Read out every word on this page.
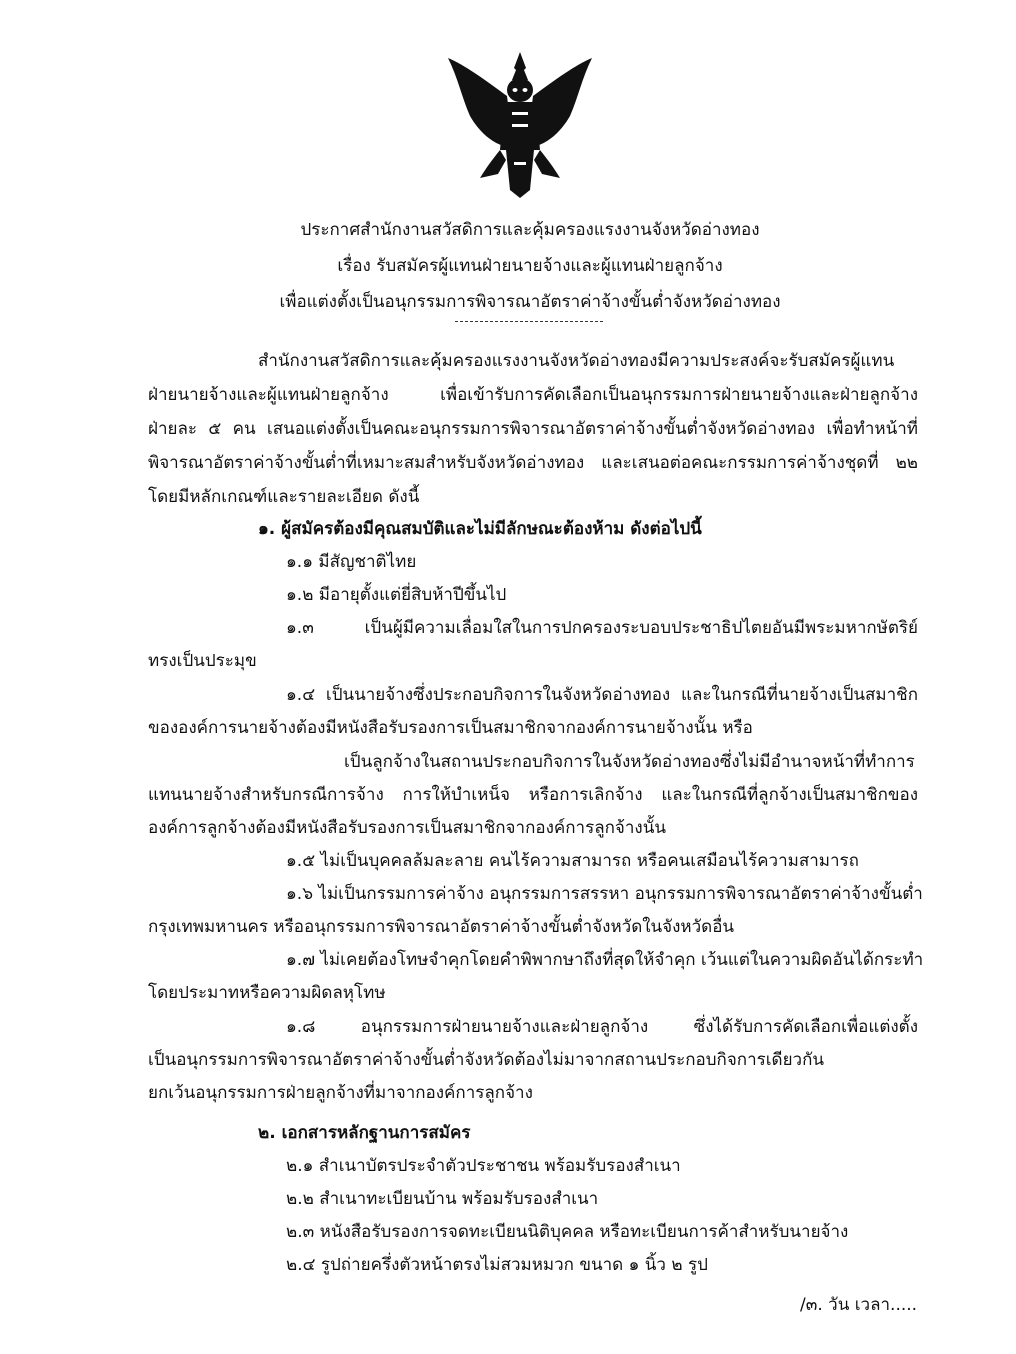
ประกาศสำนักงานสวัสดิการและคุ้มครองแรงงานจังหวัดอ่างทอง
เรื่อง รับสมัครผู้แทนฝ่ายนายจ้างและผู้แทนฝ่ายลูกจ้าง
เพื่อแต่งตั้งเป็นอนุกรรมการพิจารณาอัตราค่าจ้างขั้นต่ำจังหวัดอ่างทอง
สำนักงานสวัสดิการและคุ้มครองแรงงานจังหวัดอ่างทองมีความประสงค์จะรับสมัครผู้แทน
ฝ่ายนายจ้างและผู้แทนฝ่ายลูกจ้าง เพื่อเข้ารับการคัดเลือกเป็นอนุกรรมการฝ่ายนายจ้างและฝ่ายลูกจ้าง
ฝ่ายละ ๕ คน เสนอแต่งตั้งเป็นคณะอนุกรรมการพิจารณาอัตราค่าจ้างขั้นต่ำจังหวัดอ่างทอง เพื่อทำหน้าที่
พิจารณาอัตราค่าจ้างขั้นต่ำที่เหมาะสมสำหรับจังหวัดอ่างทอง และเสนอต่อคณะกรรมการค่าจ้างชุดที่ ๒๒
โดยมีหลักเกณฑ์และรายละเอียด ดังนี้
๑. ผู้สมัครต้องมีคุณสมบัติและไม่มีลักษณะต้องห้าม ดังต่อไปนี้
๑.๑ มีสัญชาติไทย
๑.๒ มีอายุตั้งแต่ยี่สิบห้าปีขึ้นไป
๑.๓ เป็นผู้มีความเลื่อมใสในการปกครองระบอบประชาธิปไตยอันมีพระมหากษัตริย์
ทรงเป็นประมุข
๑.๔ เป็นนายจ้างซึ่งประกอบกิจการในจังหวัดอ่างทอง และในกรณีที่นายจ้างเป็นสมาชิก
ขององค์การนายจ้างต้องมีหนังสือรับรองการเป็นสมาชิกจากองค์การนายจ้างนั้น หรือ
เป็นลูกจ้างในสถานประกอบกิจการในจังหวัดอ่างทองซึ่งไม่มีอำนาจหน้าที่ทำการ
แทนนายจ้างสำหรับกรณีการจ้าง การให้บำเหน็จ หรือการเลิกจ้าง และในกรณีที่ลูกจ้างเป็นสมาชิกของ
องค์การลูกจ้างต้องมีหนังสือรับรองการเป็นสมาชิกจากองค์การลูกจ้างนั้น
๑.๕ ไม่เป็นบุคคลล้มละลาย คนไร้ความสามารถ หรือคนเสมือนไร้ความสามารถ
๑.๖ ไม่เป็นกรรมการค่าจ้าง อนุกรรมการสรรหา อนุกรรมการพิจารณาอัตราค่าจ้างขั้นต่ำ
กรุงเทพมหานคร หรืออนุกรรมการพิจารณาอัตราค่าจ้างขั้นต่ำจังหวัดในจังหวัดอื่น
๑.๗ ไม่เคยต้องโทษจำคุกโดยคำพิพากษาถึงที่สุดให้จำคุก เว้นแต่ในความผิดอันได้กระทำ
โดยประมาทหรือความผิดลหุโทษ
๑.๘ อนุกรรมการฝ่ายนายจ้างและฝ่ายลูกจ้าง ซึ่งได้รับการคัดเลือกเพื่อแต่งตั้ง
เป็นอนุกรรมการพิจารณาอัตราค่าจ้างขั้นต่ำจังหวัดต้องไม่มาจากสถานประกอบกิจการเดียวกัน
ยกเว้นอนุกรรมการฝ่ายลูกจ้างที่มาจากองค์การลูกจ้าง
๒. เอกสารหลักฐานการสมัคร
๒.๑ สำเนาบัตรประจำตัวประชาชน พร้อมรับรองสำเนา
๒.๒ สำเนาทะเบียนบ้าน พร้อมรับรองสำเนา
๒.๓ หนังสือรับรองการจดทะเบียนนิติบุคคล หรือทะเบียนการค้าสำหรับนายจ้าง
๒.๔ รูปถ่ายครึ่งตัวหน้าตรงไม่สวมหมวก ขนาด ๑ นิ้ว ๒ รูป
/๓. วัน เวลา.....
